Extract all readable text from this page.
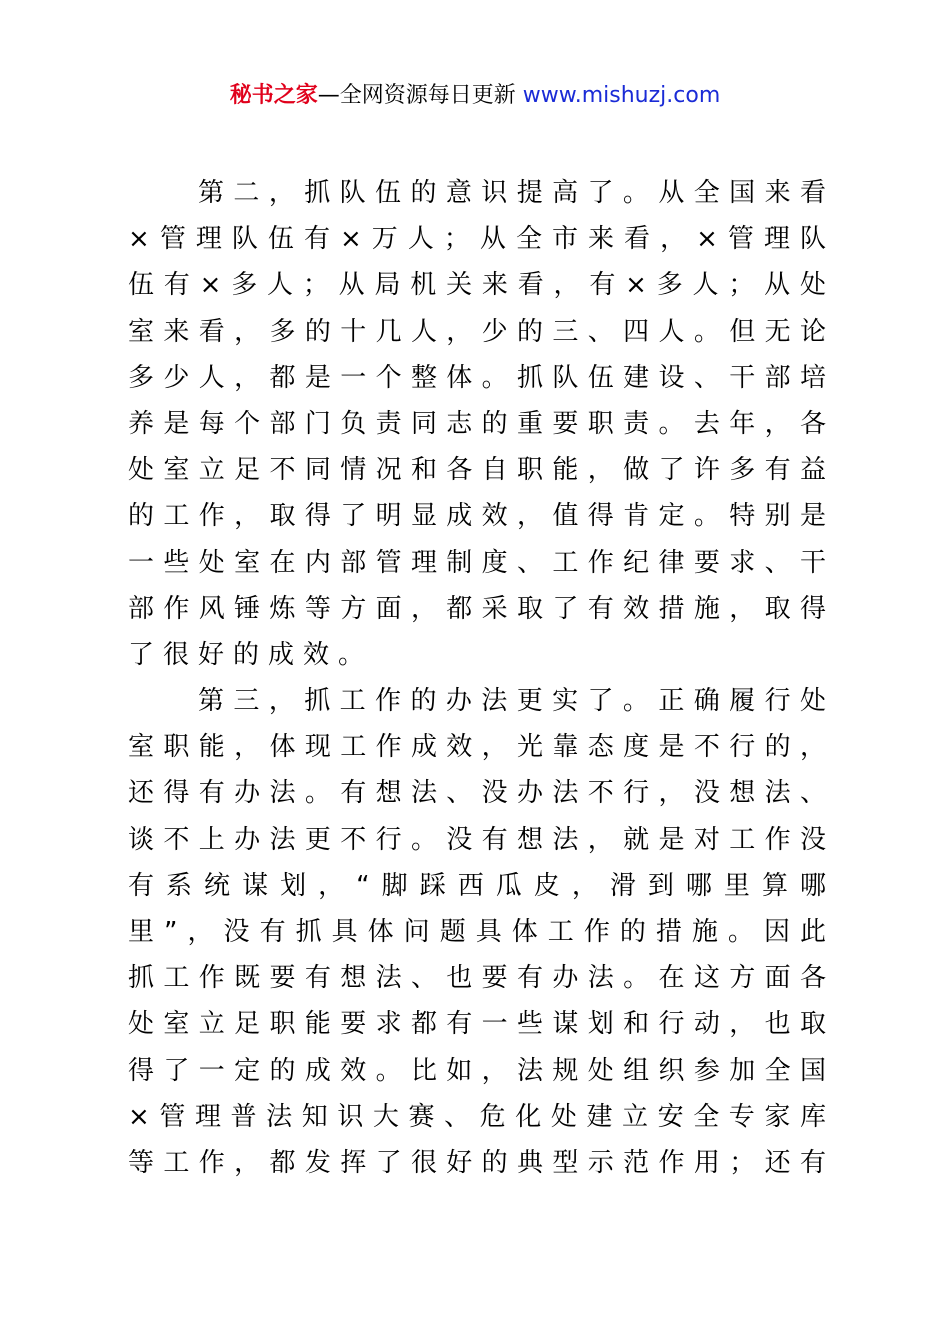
秘书之家—全网资源每日更新 www.mishuzj.com
第二，抓队伍的意识提高了。从全国来看
×管理队伍有×万人；从全市来看，×管理队
伍有×多人；从局机关来看，有×多人；从处
室来看，多的十几人，少的三、四人。但无论
多少人，都是一个整体。抓队伍建设、干部培
养是每个部门负责同志的重要职责。去年，各
处室立足不同情况和各自职能，做了许多有益
的工作，取得了明显成效，值得肯定。特别是
一些处室在内部管理制度、工作纪律要求、干
部作风锤炼等方面，都采取了有效措施，取得
了很好的成效。
第三，抓工作的办法更实了。正确履行处
室职能，体现工作成效，光靠态度是不行的，
还得有办法。有想法、没办法不行，没想法、
谈不上办法更不行。没有想法，就是对工作没
有系统谋划，“脚踩西瓜皮，滑到哪里算哪
里”，没有抓具体问题具体工作的措施。因此
抓工作既要有想法、也要有办法。在这方面各
处室立足职能要求都有一些谋划和行动，也取
得了一定的成效。比如，法规处组织参加全国
×管理普法知识大赛、危化处建立安全专家库
等工作，都发挥了很好的典型示范作用；还有
